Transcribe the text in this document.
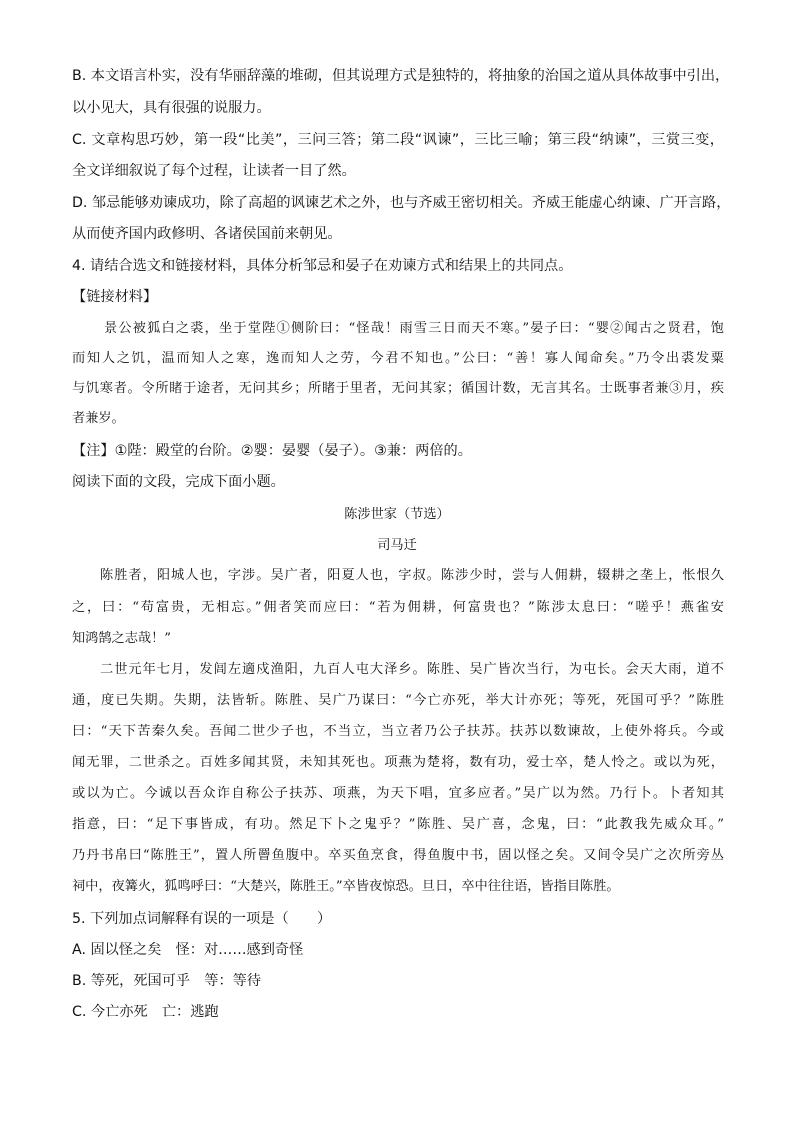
B. 本文语言朴实，没有华丽辞藻的堆砌，但其说理方式是独特的，将抽象的治国之道从具体故事中引出，
以小见大，具有很强的说服力。
C. 文章构思巧妙，第一段“比美”，三问三答；第二段“讽谏”，三比三喻；第三段“纳谏”，三赏三变，
全文详细叙说了每个过程，让读者一目了然。
D. 邹忌能够劝谏成功，除了高超的讽谏艺术之外，也与齐威王密切相关。齐威王能虚心纳谏、广开言路，
从而使齐国内政修明、各诸侯国前来朝见。
4. 请结合选文和链接材料，具体分析邹忌和晏子在劝谏方式和结果上的共同点。
【链接材料】
景公被狐白之裘，坐于堂陛①侧阶曰：“怪哉！雨雪三日而天不寒。”晏子曰：“婴②闻古之贤君，饱
而知人之饥，温而知人之寒，逸而知人之劳，今君不知也。”公曰：“善！寡人闻命矣。”乃令出裘发粟
与饥寒者。令所睹于途者，无问其乡；所睹于里者，无问其家；循国计数，无言其名。士既事者兼③月，疾
者兼岁。
【注】①陛：殿堂的台阶。②婴：晏婴（晏子）。③兼：两倍的。
阅读下面的文段，完成下面小题。
陈涉世家（节选）
司马迁
陈胜者，阳城人也，字涉。吴广者，阳夏人也，字叔。陈涉少时，尝与人佣耕，辍耕之垄上，怅恨久
之，曰：“苟富贵，无相忘。”佣者笑而应曰：“若为佣耕，何富贵也？”陈涉太息曰：“嗟乎！燕雀安
知鸿鹄之志哉！”
二世元年七月，发闾左適戍渔阳，九百人屯大泽乡。陈胜、吴广皆次当行，为屯长。会天大雨，道不
通，度已失期。失期，法皆斩。陈胜、吴广乃谋曰：“今亡亦死，举大计亦死；等死，死国可乎？”陈胜
曰：“天下苦秦久矣。吾闻二世少子也，不当立，当立者乃公子扶苏。扶苏以数谏故，上使外将兵。今或
闻无罪，二世杀之。百姓多闻其贤，未知其死也。项燕为楚将，数有功，爱士卒，楚人怜之。或以为死，
或以为亡。今诚以吾众诈自称公子扶苏、项燕，为天下唱，宜多应者。”吴广以为然。乃行卜。卜者知其
指意，曰：“足下事皆成，有功。然足下卜之鬼乎？”陈胜、吴广喜，念鬼，曰：“此教我先威众耳。”
乃丹书帛曰“陈胜王”，置人所罾鱼腹中。卒买鱼烹食，得鱼腹中书，固以怪之矣。又间令吴广之次所旁丛
祠中，夜篝火，狐鸣呼曰：“大楚兴，陈胜王。”卒皆夜惊恐。旦日，卒中往往语，皆指目陈胜。
5. 下列加点词解释有误的一项是（　　）
A. 固以怪之矣　怪：对……感到奇怪
B. 等死，死国可乎　等：等待
C. 今亡亦死　亡：逃跑
